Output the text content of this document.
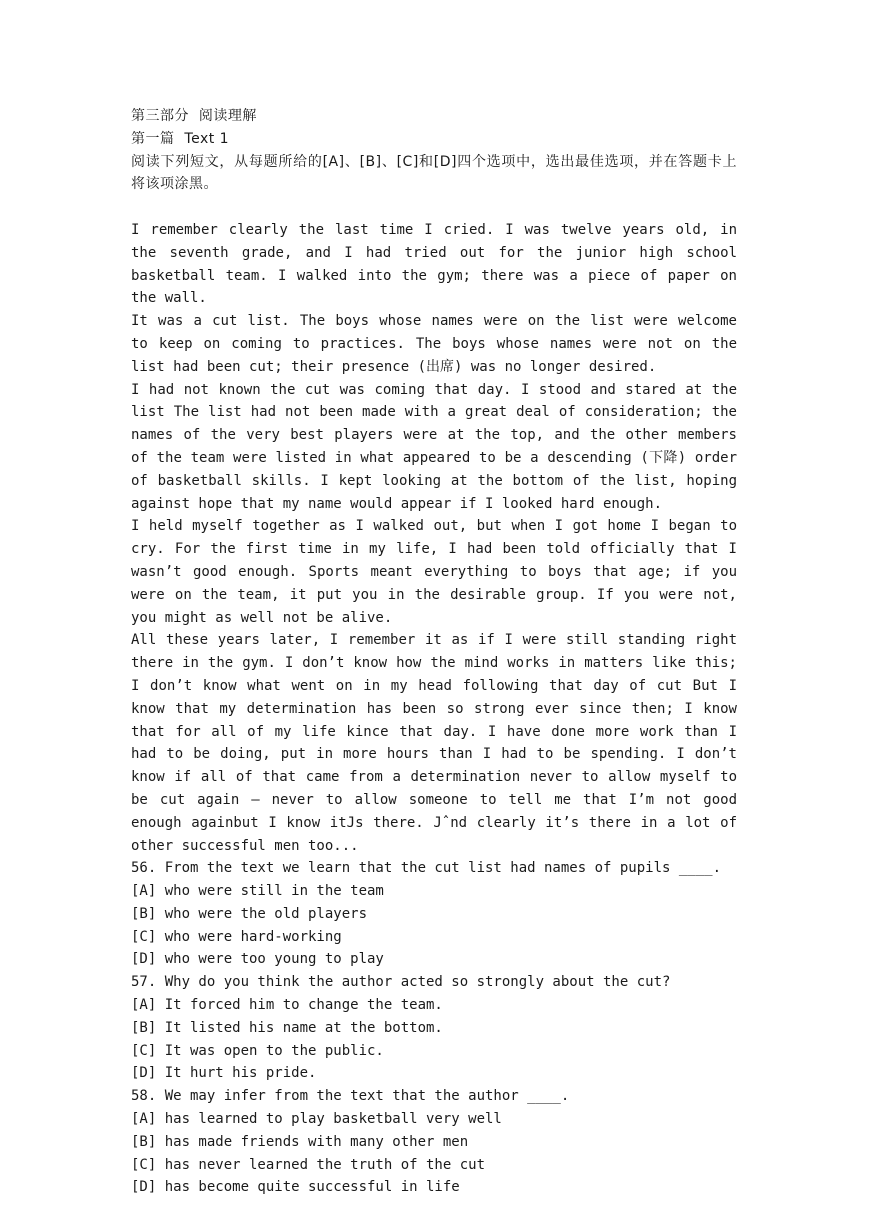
第三部分  阅读理解
第一篇  Text 1
阅读下列短文，从每题所给的[A]、[B]、[C]和[D]四个选项中，选出最佳选项，并在答题卡上将该项涂黑。
I remember clearly the last time I cried. I was twelve years old, in the seventh grade, and I had tried out for the junior high school basketball team. I walked into the gym; there was a piece of paper on the wall.
It was a cut list. The boys whose names were on the list were welcome to keep on coming to practices. The boys whose names were not on the list had been cut; their presence (出席) was no longer desired.
I had not known the cut was coming that day. I stood and stared at the list The list had not been made with a great deal of consideration; the names of the very best players were at the top, and the other members of the team were listed in what appeared to be a descending (下降) order of basketball skills. I kept looking at the bottom of the list, hoping against hope that my name would appear if I looked hard enough.
I held myself together as I walked out, but when I got home I began to cry. For the first time in my life, I had been told officially that I wasn’t good enough. Sports meant everything to boys that age; if you were on the team, it put you in the desirable group. If you were not, you might as well not be alive.
All these years later, I remember it as if I were still standing right there in the gym. I don’t know how the mind works in matters like this; I don’t know what went on in my head following that day of cut But I know that my determination has been so strong ever since then; I know that for all of my life kince that day. I have done more work than I had to be doing, put in more hours than I had to be spending. I don’t know if all of that came from a determination never to allow myself to be cut again — never to allow someone to tell me that I’m not good enough againbut I know itJs there. Jˆnd clearly it’s there in a lot of other successful men too...
56. From the text we learn that the cut list had names of pupils ____.
[A] who were still in the team
[B] who were the old players
[C] who were hard-working
[D] who were too young to play
57. Why do you think the author acted so strongly about the cut?
[A] It forced him to change the team.
[B] It listed his name at the bottom.
[C] It was open to the public.
[D] It hurt his pride.
58. We may infer from the text that the author ____.
[A] has learned to play basketball very well
[B] has made friends with many other men
[C] has never learned the truth of the cut
[D] has become quite successful in life
